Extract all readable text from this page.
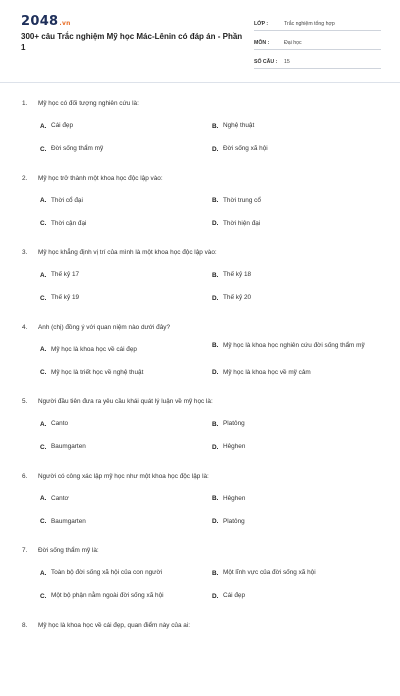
2048.vn
300+ câu Trắc nghiệm Mỹ học Mác-Lênin có đáp án - Phần 1
LỚP :	Trắc nghiệm tổng hợp
MÔN :	Đại học
SỐ CÂU :	15
1.	Mỹ học có đối tượng nghiên cứu là:
A. Cái đẹp	B. Nghệ thuật
C. Đời sống thẩm mỹ	D. Đời sống xã hội
2.	Mỹ học trở thành một khoa học độc lập vào:
A. Thời cổ đại	B. Thời trung cổ
C. Thời cận đại	D. Thời hiện đại
3.	Mỹ học khẳng định vị trí của mình là một khoa học độc lập vào:
A. Thế kỷ 17	B. Thế kỷ 18
C. Thế kỷ 19	D. Thế kỷ 20
4.	Anh (chị) đồng ý với quan niệm nào dưới đây?
A. Mỹ học là khoa học về cái đẹp	B. Mỹ học là khoa học nghiên cứu đời sống thẩm mỹ
C. Mỹ học là triết học về nghệ thuật	D. Mỹ học là khoa học về mỹ cảm
5.	Người đầu tiên đưa ra yêu cầu khái quát lý luận về mỹ học là:
A. Canto	B. Platông
C. Baumgarten	D. Hêghen
6.	Người có công xác lập mỹ học như một khoa học độc lập là:
A. Cantơ	B. Hêghen
C. Baumgarten	D. Platông
7.	Đời sống thẩm mỹ là:
A. Toàn bộ đời sống xã hội của con người	B. Một lĩnh vực của đời sống xã hội
C. Một bộ phận nằm ngoài đời sống xã hội	D. Cái đẹp
8.	Mỹ học là khoa học về cái đẹp, quan điểm này của ai:
